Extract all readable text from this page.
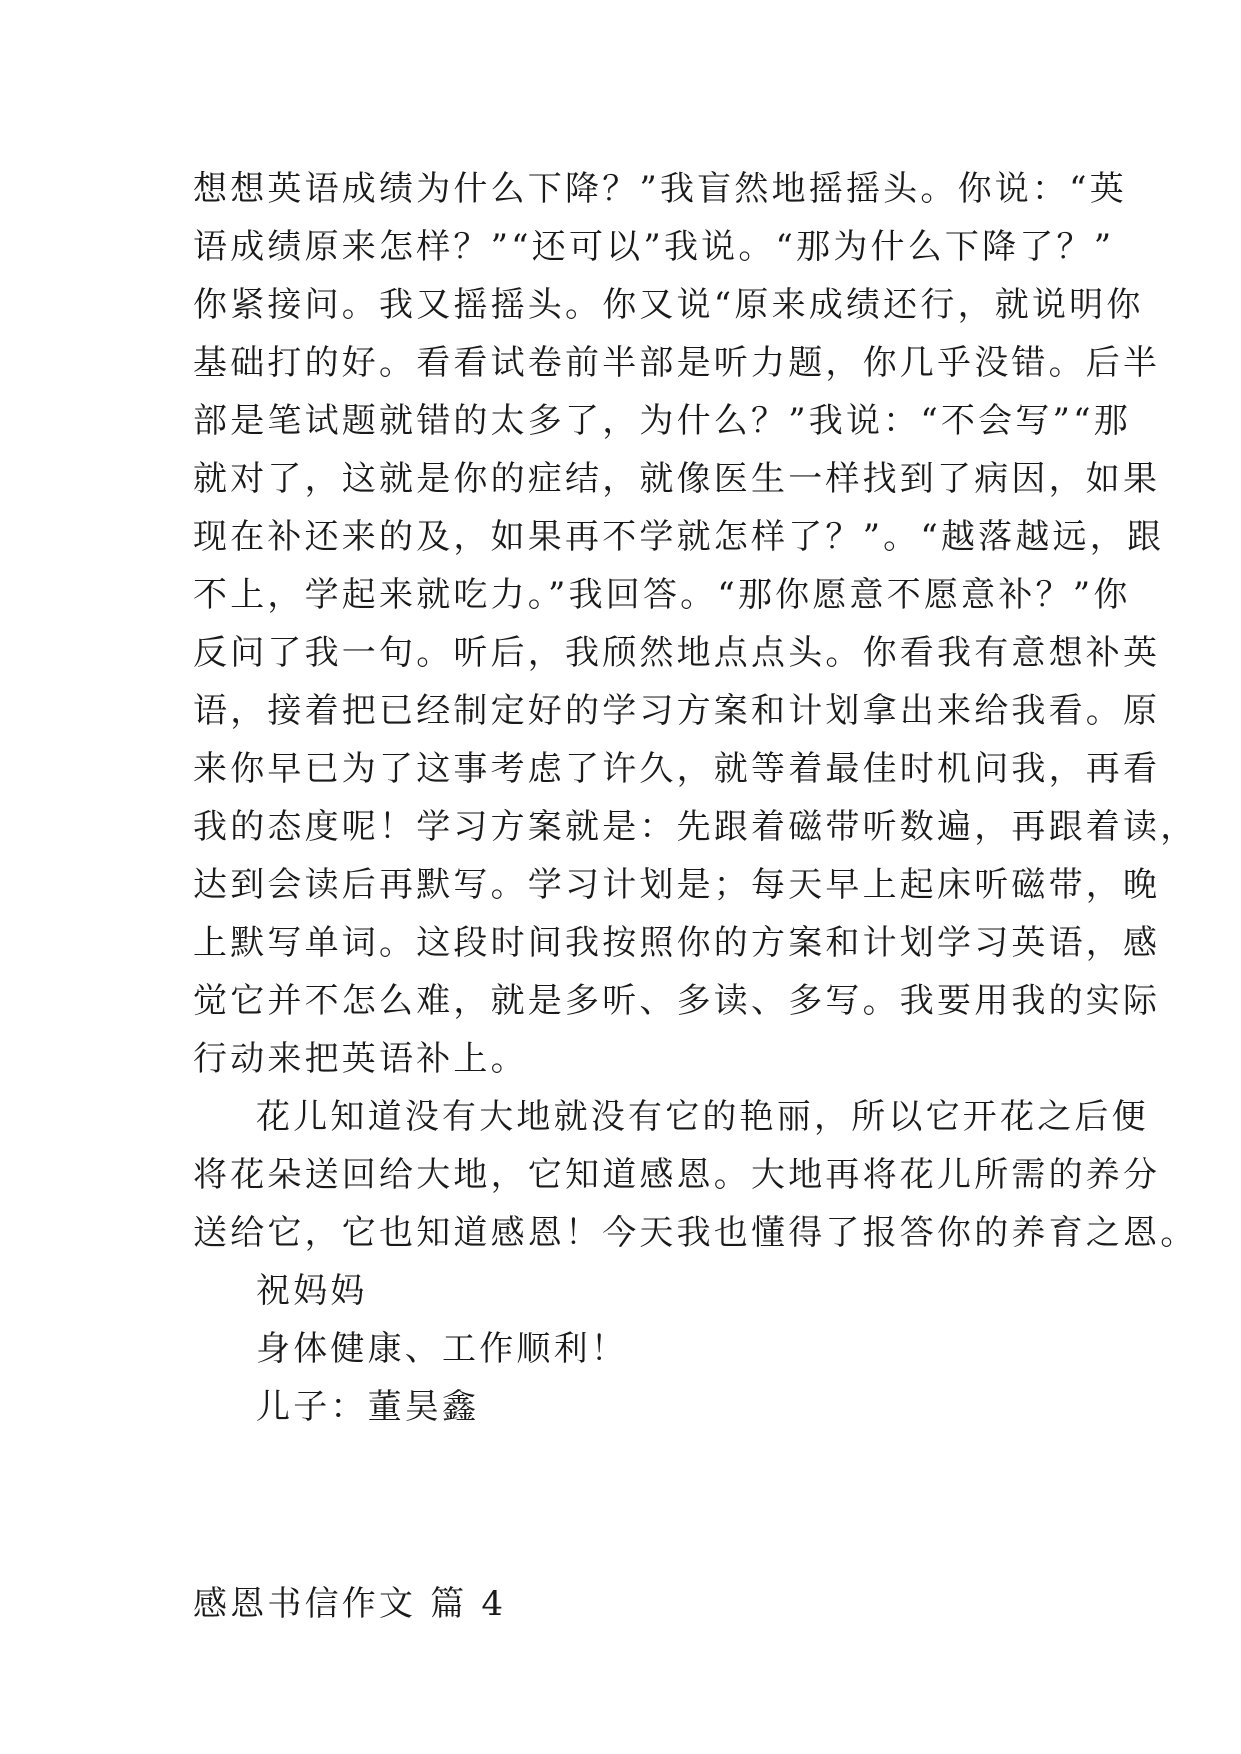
想想英语成绩为什么下降？”我盲然地摇摇头。你说：“英
语成绩原来怎样？”“还可以”我说。“那为什么下降了？”
你紧接问。我又摇摇头。你又说“原来成绩还行，就说明你
基础打的好。看看试卷前半部是听力题，你几乎没错。后半
部是笔试题就错的太多了，为什么？”我说：“不会写”“那
就对了，这就是你的症结，就像医生一样找到了病因，如果
现在补还来的及，如果再不学就怎样了？”。“越落越远，跟
不上，学起来就吃力。”我回答。“那你愿意不愿意补？”你
反问了我一句。听后，我颀然地点点头。你看我有意想补英
语，接着把已经制定好的学习方案和计划拿出来给我看。原
来你早已为了这事考虑了许久，就等着最佳时机问我，再看
我的态度呢！学习方案就是：先跟着磁带听数遍，再跟着读，
达到会读后再默写。学习计划是；每天早上起床听磁带，晚
上默写单词。这段时间我按照你的方案和计划学习英语，感
觉它并不怎么难，就是多听、多读、多写。我要用我的实际
行动来把英语补上。
花儿知道没有大地就没有它的艳丽，所以它开花之后便
将花朵送回给大地，它知道感恩。大地再将花儿所需的养分
送给它，它也知道感恩！今天我也懂得了报答你的养育之恩。
祝妈妈
身体健康、工作顺利！
儿子：董昊鑫
感恩书信作文 篇 4
